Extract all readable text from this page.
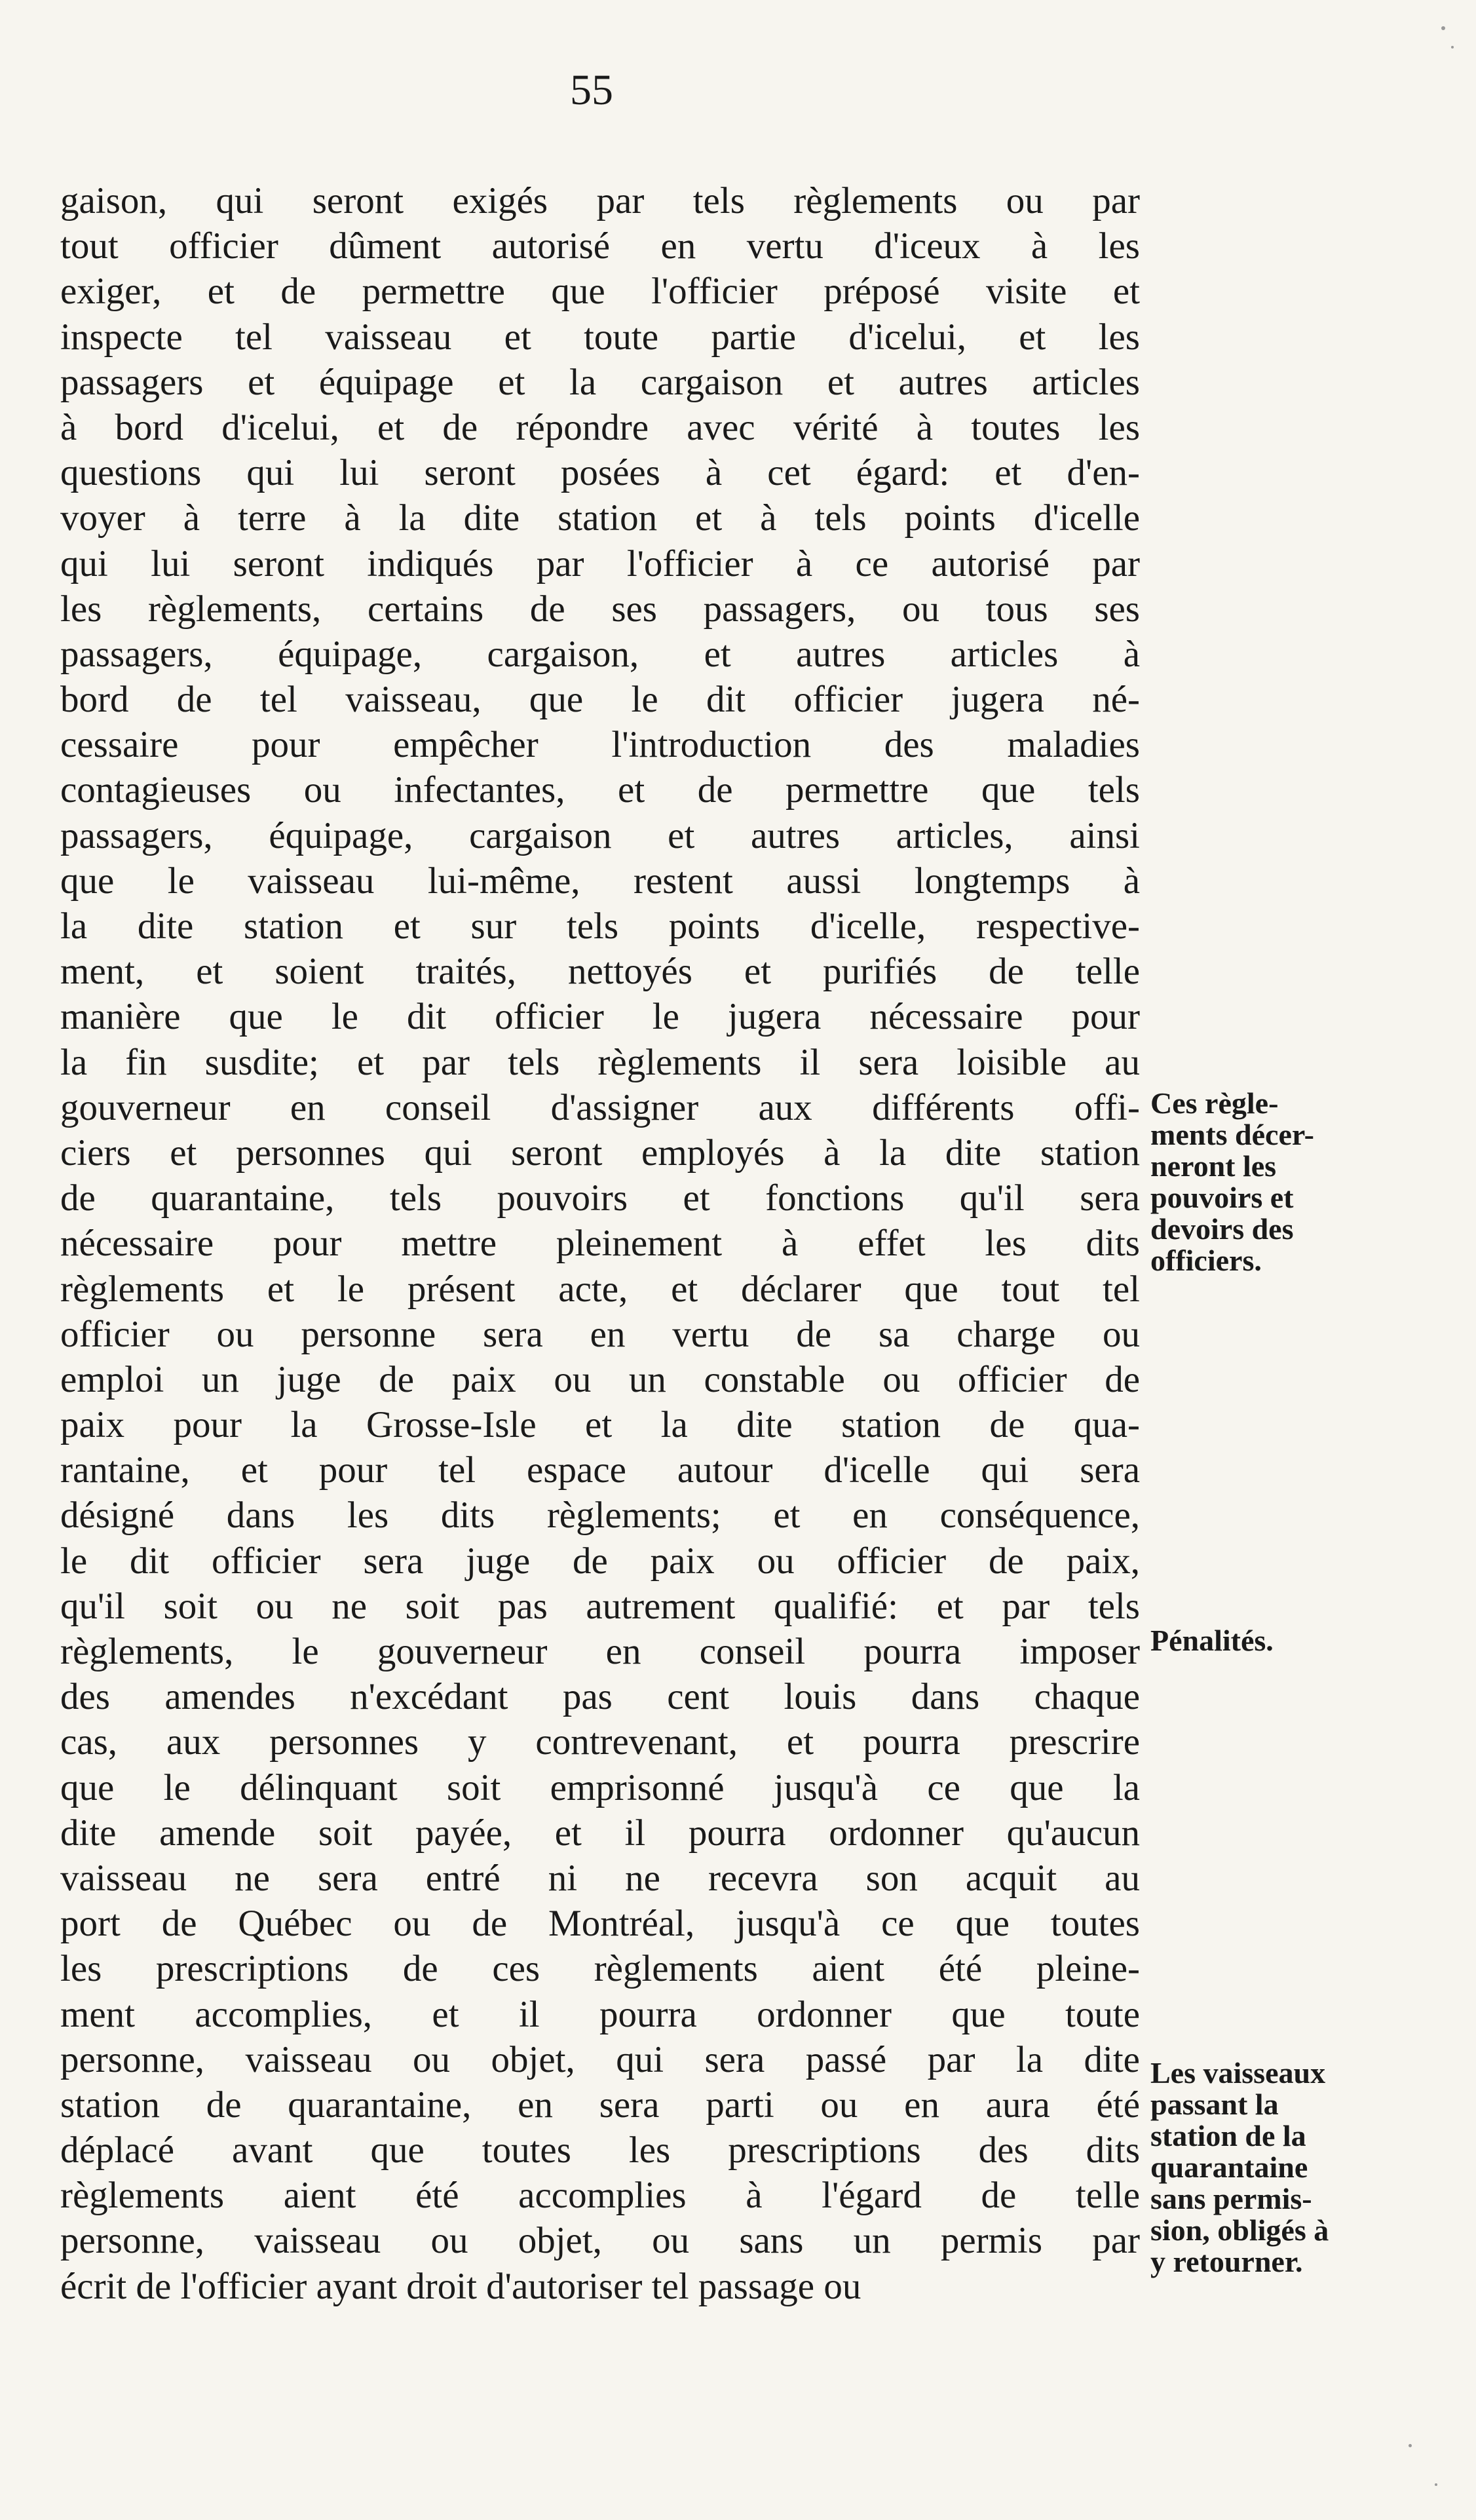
55
gaison, qui seront exigés par tels règlements ou par
tout officier dûment autorisé en vertu d'iceux à les
exiger, et de permettre que l'officier préposé visite et
inspecte tel vaisseau et toute partie d'icelui, et les
passagers et équipage et la cargaison et autres articles
à bord d'icelui, et de répondre avec vérité à toutes les
questions qui lui seront posées à cet égard: et d'en-
voyer à terre à la dite station et à tels points d'icelle
qui lui seront indiqués par l'officier à ce autorisé par
les règlements, certains de ses passagers, ou tous ses
passagers, équipage, cargaison, et autres articles à
bord de tel vaisseau, que le dit officier jugera né-
cessaire pour empêcher l'introduction des maladies
contagieuses ou infectantes, et de permettre que tels
passagers, équipage, cargaison et autres articles, ainsi
que le vaisseau lui-même, restent aussi longtemps à
la dite station et sur tels points d'icelle, respective-
ment, et soient traités, nettoyés et purifiés de telle
manière que le dit officier le jugera nécessaire pour
la fin susdite; et par tels règlements il sera loisible au
gouverneur en conseil d'assigner aux différents offi-
ciers et personnes qui seront employés à la dite station
de quarantaine, tels pouvoirs et fonctions qu'il sera
nécessaire pour mettre pleinement à effet les dits
règlements et le présent acte, et déclarer que tout tel
officier ou personne sera en vertu de sa charge ou
emploi un juge de paix ou un constable ou officier de
paix pour la Grosse-Isle et la dite station de qua-
rantaine, et pour tel espace autour d'icelle qui sera
désigné dans les dits règlements; et en conséquence,
le dit officier sera juge de paix ou officier de paix,
qu'il soit ou ne soit pas autrement qualifié: et par tels
règlements, le gouverneur en conseil pourra imposer
des amendes n'excédant pas cent louis dans chaque
cas, aux personnes y contrevenant, et pourra prescrire
que le délinquant soit emprisonné jusqu'à ce que la
dite amende soit payée, et il pourra ordonner qu'aucun
vaisseau ne sera entré ni ne recevra son acquit au
port de Québec ou de Montréal, jusqu'à ce que toutes
les prescriptions de ces règlements aient été pleine-
ment accomplies, et il pourra ordonner que toute
personne, vaisseau ou objet, qui sera passé par la dite
station de quarantaine, en sera parti ou en aura été
déplacé avant que toutes les prescriptions des dits
règlements aient été accomplies à l'égard de telle
personne, vaisseau ou objet, ou sans un permis par
écrit de l'officier ayant droit d'autoriser tel passage ou
Ces règle-
ments décer-
neront les
pouvoirs et
devoirs des
officiers.
Pénalités.
Les vaisseaux
passant la
station de la
quarantaine
sans permis-
sion, obligés à
y retourner.
